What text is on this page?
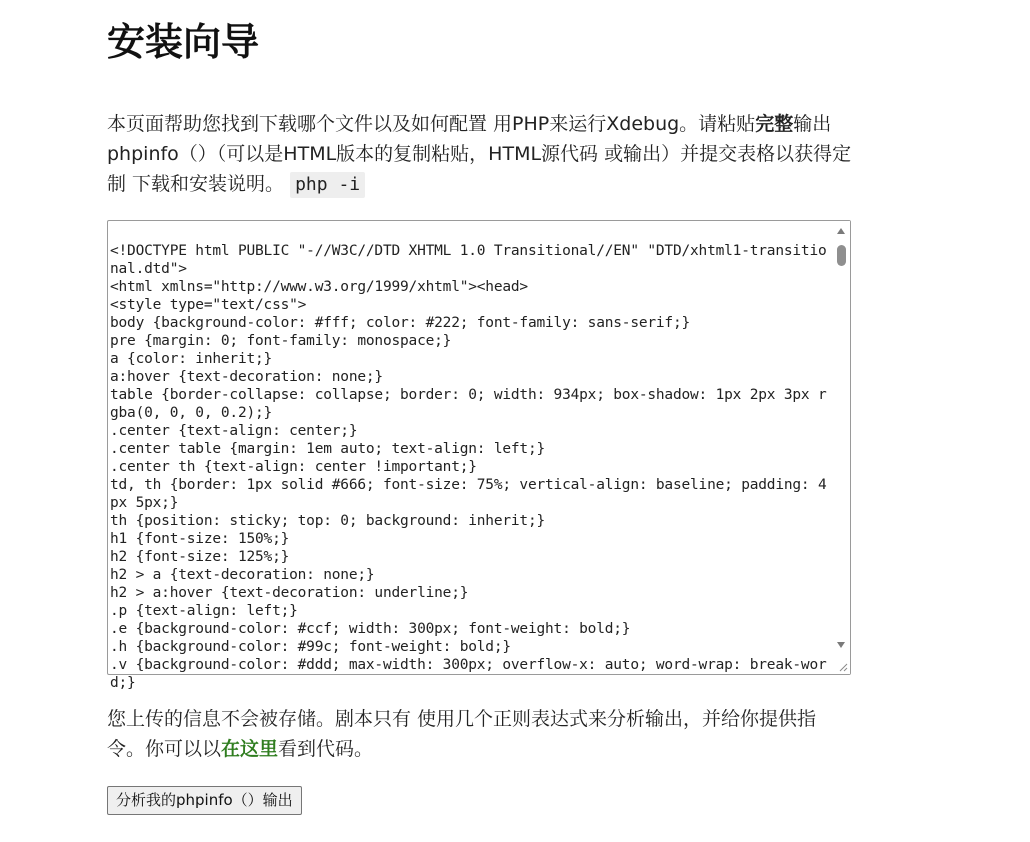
安装向导

本页面帮助您找到下载哪个文件以及如何配置 用PHP来运行Xdebug。请粘贴完整输出 phpinfo（）（可以是HTML版本的复制粘贴，HTML源代码 或输出）并提交表格以获得定制 下载和安装说明。 php -i

<!DOCTYPE html PUBLIC "-//W3C//DTD XHTML 1.0 Transitional//EN" "DTD/xhtml1-transitional.dtd">
<html xmlns="http://www.w3.org/1999/xhtml"><head>
<style type="text/css">
body {background-color: #fff; color: #222; font-family: sans-serif;}
pre {margin: 0; font-family: monospace;}
a {color: inherit;}
a:hover {text-decoration: none;}
table {border-collapse: collapse; border: 0; width: 934px; box-shadow: 1px 2px 3px rgba(0, 0, 0, 0.2);}
.center {text-align: center;}
.center table {margin: 1em auto; text-align: left;}
.center th {text-align: center !important;}
td, th {border: 1px solid #666; font-size: 75%; vertical-align: baseline; padding: 4px 5px;}
th {position: sticky; top: 0; background: inherit;}
h1 {font-size: 150%;}
h2 {font-size: 125%;}
h2 > a {text-decoration: none;}
h2 > a:hover {text-decoration: underline;}
.p {text-align: left;}
.e {background-color: #ccf; width: 300px; font-weight: bold;}
.h {background-color: #99c; font-weight: bold;}
.v {background-color: #ddd; max-width: 300px; overflow-x: auto; word-wrap: break-word;}

您上传的信息不会被存储。剧本只有 使用几个正则表达式来分析输出，并给你提供指令。你可以以在这里看到代码。

分析我的phpinfo（）输出
